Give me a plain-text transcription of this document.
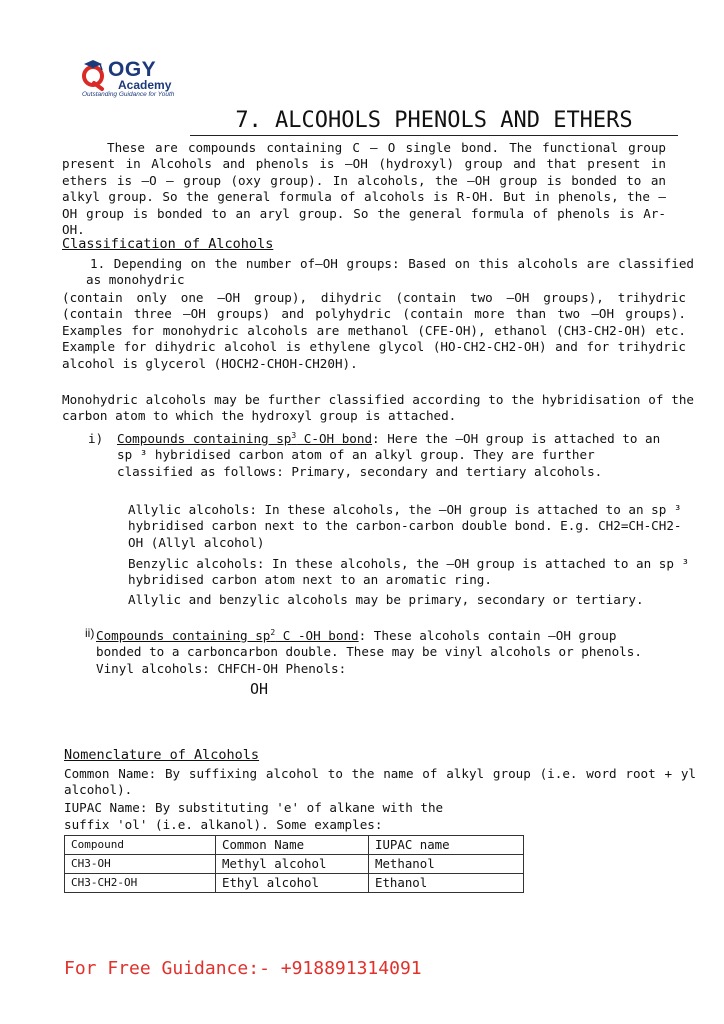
OGY
Academy
Outstanding Guidance for Youth
7. ALCOHOLS PHENOLS AND ETHERS
These are compounds containing C — O single bond. The functional group present in Alcohols and phenols is —OH (hydroxyl) group and that present in ethers is —O — group (oxy group). In alcohols, the —OH group is bonded to an alkyl group. So the general formula of alcohols is R-OH. But in phenols, the —OH group is bonded to an aryl group. So the general formula of phenols is Ar-OH.
Classification of Alcohols
1. Depending on the number of—OH groups: Based on this alcohols are classified as monohydric
(contain only one —OH group), dihydric (contain two —OH groups), trihydric (contain three —OH groups) and polyhydric (contain more than two —OH groups). Examples for monohydric alcohols are methanol (CFE-OH), ethanol (CH3-CH2-OH) etc. Example for dihydric alcohol is ethylene glycol (HO-CH2-CH2-OH) and for trihydric alcohol is glycerol (HOCH2-CHOH-CH20H).
Monohydric alcohols may be further classified according to the hybridisation of the carbon atom to which the hydroxyl group is attached.
i) Compounds containing $sp^3$ C-OH bond: Here the —OH group is attached to an sp ³ hybridised carbon atom of an alkyl group. They are further classified as follows: Primary, secondary and tertiary alcohols.
Allylic alcohols: In these alcohols, the —OH group is attached to an sp ³ hybridised carbon next to the carbon-carbon double bond. E.g. CH2=CH-CH2-OH (Allyl alcohol)
Benzylic alcohols: In these alcohols, the —OH group is attached to an sp ³ hybridised carbon atom next to an aromatic ring.
Allylic and benzylic alcohols may be primary, secondary or tertiary.
ii) Compounds containing $sp^2$ C -OH bond: These alcohols contain —OH group bonded to a carboncarbon double. These may be vinyl alcohols or phenols. Vinyl alcohols: CHFCH-OH Phenols:
OH
Nomenclature of Alcohols
Common Name: By suffixing alcohol to the name of alkyl group (i.e. word root + yl alcohol).
IUPAC Name: By substituting 'e' of alkane with the
suffix 'ol' (i.e. alkanol). Some examples:
Compound	Common Name	IUPAC name
CH3-OH	Methyl alcohol	Methanol
CH3-CH2-OH	Ethyl alcohol	Ethanol
For Free Guidance:- +918891314091
